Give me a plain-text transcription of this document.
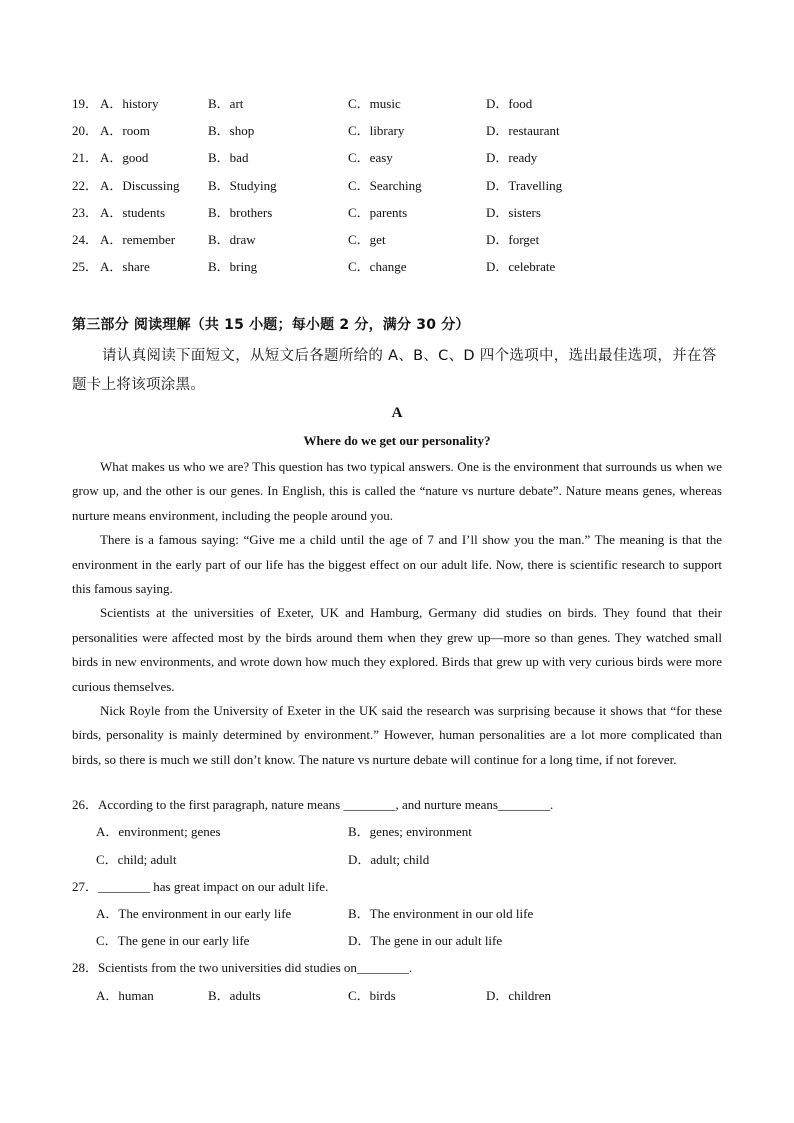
19． A．history	B．art	C．music	D．food
20． A．room	B．shop	C．library	D．restaurant
21． A．good	B．bad	C．easy	D．ready
22． A．Discussing B．Studying	C．Searching	D．Travelling
23． A．students	B．brothers	C．parents	D．sisters
24． A．remember	B．draw	C．get	D．forget
25． A．share	B．bring	C．change	D．celebrate
第三部分 阅读理解（共 15 小题；每小题 2 分，满分 30 分）
请认真阅读下面短文，从短文后各题所给的 A、B、C、D 四个选项中，选出最佳选项，并在答题卡上将该项涂黑。
A
Where do we get our personality?

What makes us who we are? This question has two typical answers. One is the environment that surrounds us when we grow up, and the other is our genes. In English, this is called the “nature vs nurture debate”. Nature means genes, whereas nurture means environment, including the people around you.

There is a famous saying: “Give me a child until the age of 7 and I’ll show you the man.” The meaning is that the environment in the early part of our life has the biggest effect on our adult life. Now, there is scientific research to support this famous saying.

Scientists at the universities of Exeter, UK and Hamburg, Germany did studies on birds. They found that their personalities were affected most by the birds around them when they grew up—more so than genes. They watched small birds in new environments, and wrote down how much they explored. Birds that grew up with very curious birds were more curious themselves.

Nick Royle from the University of Exeter in the UK said the research was surprising because it shows that “for these birds, personality is mainly determined by environment.” However, human personalities are a lot more complicated than birds, so there is much we still don’t know. The nature vs nurture debate will continue for a long time, if not forever.

26．According to the first paragraph, nature means ________, and nurture means________.
A．environment; genes	B．genes; environment
C．child; adult	D．adult; child
27．________ has great impact on our adult life.
A．The environment in our early life	B．The environment in our old life
C．The gene in our early life	D．The gene in our adult life
28．Scientists from the two universities did studies on________.
A．human	B．adults	C．birds	D．children
